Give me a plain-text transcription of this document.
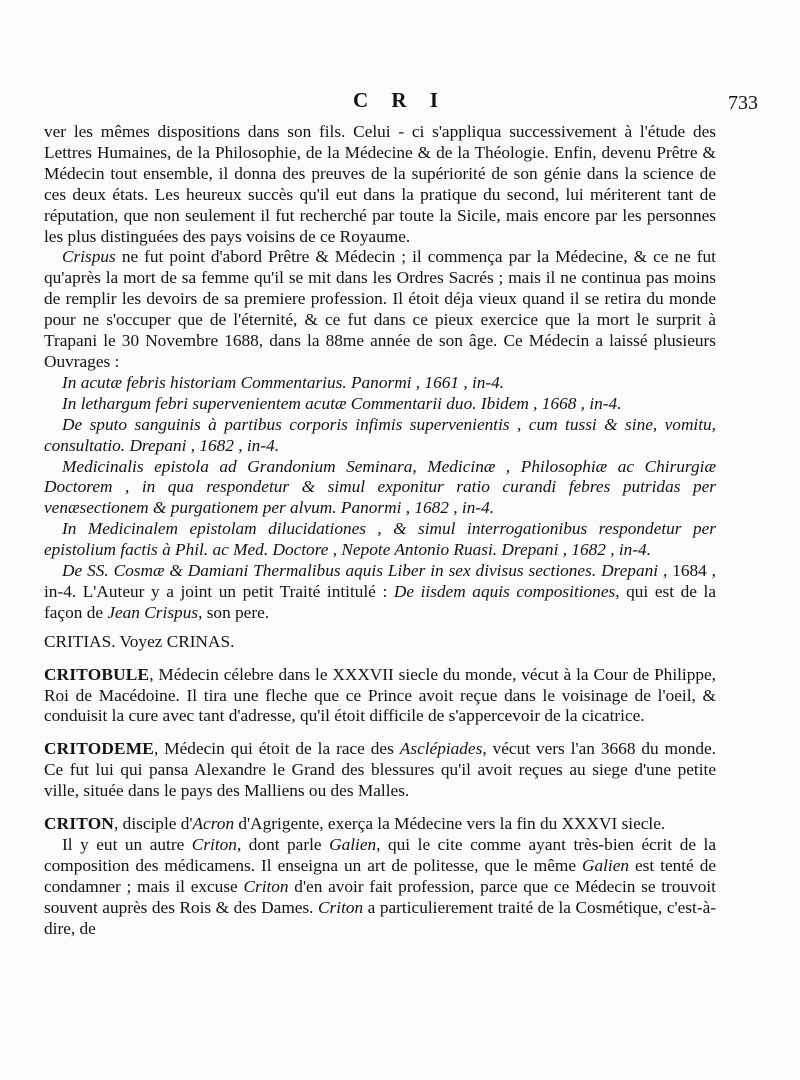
C R I	733

ver les mêmes dispositions dans son fils. Celui - ci s'appliqua successivement à l'étude des Lettres Humaines, de la Philosophie, de la Médecine & de la Théologie. Enfin, devenu Prêtre & Médecin tout ensemble, il donna des preuves de la supériorité de son génie dans la science de ces deux états. Les heureux succès qu'il eut dans la pratique du second, lui mériterent tant de réputation, que non seulement il fut recherché par toute la Sicile, mais encore par les personnes les plus distinguées des pays voisins de ce Royaume.

Crispus ne fut point d'abord Prêtre & Médecin ; il commença par la Médecine, & ce ne fut qu'après la mort de sa femme qu'il se mit dans les Ordres Sacrés ; mais il ne continua pas moins de remplir les devoirs de sa premiere profession. Il étoit déja vieux quand il se retira du monde pour ne s'occuper que de l'éternité, & ce fut dans ce pieux exercice que la mort le surprit à Trapani le 30 Novembre 1688, dans la 88me année de son âge. Ce Médecin a laissé plusieurs Ouvrages :

In acutæ febris historiam Commentarius. Panormi , 1661 , in-4.

In lethargum febri supervenientem acutæ Commentarii duo. Ibidem , 1668 , in-4.

De sputo sanguinis à partibus corporis infimis supervenientis , cum tussi & sine, vomitu, consultatio. Drepani , 1682 , in-4.

Medicinalis epistola ad Grandonium Seminara, Medicinæ , Philosophiæ ac Chirurgiæ Doctorem , in qua respondetur & simul exponitur ratio curandi febres putridas per venæsectionem & purgationem per alvum. Panormi , 1682 , in-4.

In Medicinalem epistolam dilucidationes , & simul interrogationibus respondetur per epistolium factis à Phil. ac Med. Doctore , Nepote Antonio Ruasi. Drepani , 1682 , in-4.

De SS. Cosmæ & Damiani Thermalibus aquis Liber in sex divisus sectiones. Drepani , 1684 , in-4. L'Auteur y a joint un petit Traité intitulé : De iisdem aquis compositiones, qui est de la façon de Jean Crispus, son pere.

CRITIAS. Voyez CRINAS.

CRITOBULE, Médecin célebre dans le XXXVII siecle du monde, vécut à la Cour de Philippe, Roi de Macédoine. Il tira une fleche que ce Prince avoit reçue dans le voisinage de l'oeil, & conduisit la cure avec tant d'adresse, qu'il étoit difficile de s'appercevoir de la cicatrice.

CRITODEME, Médecin qui étoit de la race des Asclépiades, vécut vers l'an 3668 du monde. Ce fut lui qui pansa Alexandre le Grand des blessures qu'il avoit reçues au siege d'une petite ville, située dans le pays des Malliens ou des Malles.

CRITON, disciple d'Acron d'Agrigente, exerça la Médecine vers la fin du XXXVI siecle.

Il y eut un autre Criton, dont parle Galien, qui le cite comme ayant très-bien écrit de la composition des médicamens. Il enseigna un art de politesse, que le même Galien est tenté de condamner ; mais il excuse Criton d'en avoir fait profession, parce que ce Médecin se trouvoit souvent auprès des Rois & des Dames. Criton a particulierement traité de la Cosmétique, c'est-à-dire, de
